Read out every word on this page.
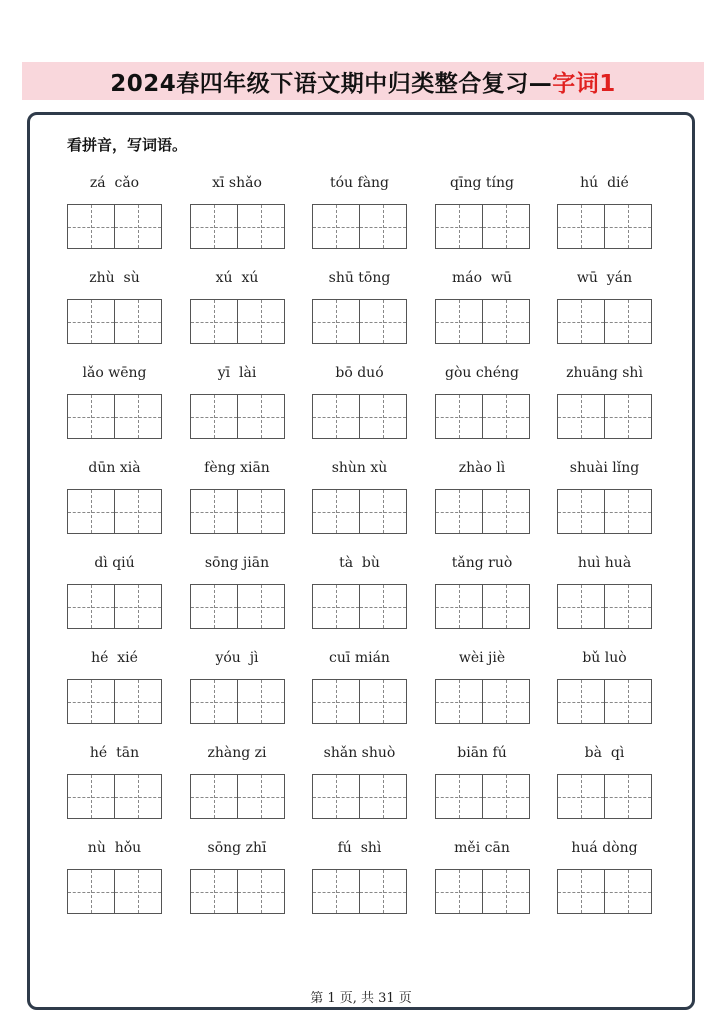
2024春四年级下语文期中归类整合复习— 字词1
看拼音，写词语。
zá  cǎo	xī shǎo	tóu fàng	qīng tíng	hú  dié
zhù  sù	xú  xú	shū tōng	máo  wū	wū  yán
lǎo wēng	yī  lài	bō duó	gòu chéng	zhuāng shì
dūn xià	fèng xiān	shùn xù	zhào lì	shuài lǐng
dì qiú	sōng jiān	tà  bù	tǎng ruò	huì huà
hé  xié	yóu  jì	cuī mián	wèi jiè	bǔ luò
hé  tān	zhàng zi	shǎn shuò	biān fú	bà  qì
nù  hǒu	sōng zhī	fú  shì	měi cān	huá dòng
第 1 页, 共 31 页
